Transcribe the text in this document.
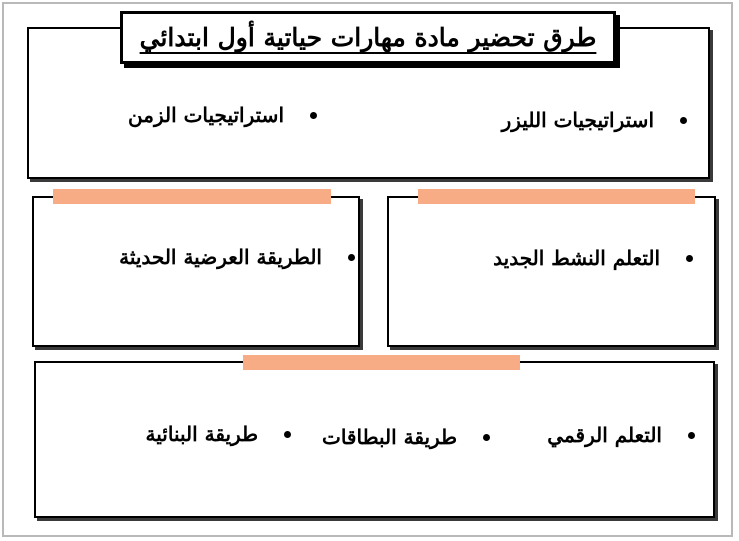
طرق تحضير مادة مهارات حياتية أول ابتدائي
استراتيجيات الليزر
استراتيجيات الزمن
الطريقة العرضية الحديثة	التعلم النشط الجديد
التعلم الرقمي
طريقة البطاقات
طريقة البنائية
